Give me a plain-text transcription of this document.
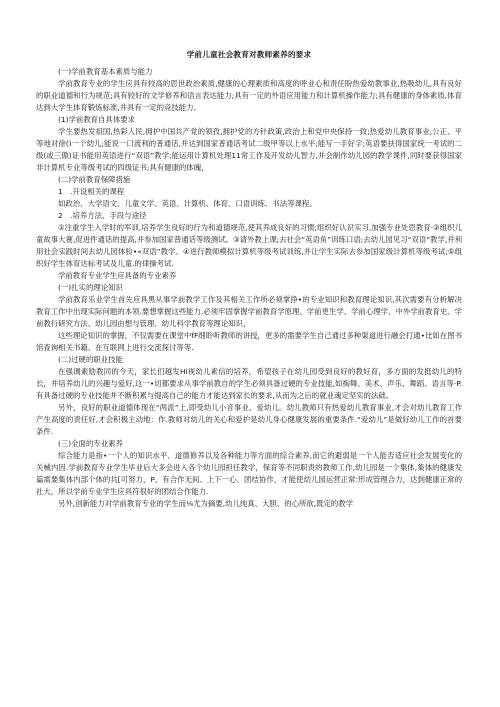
学前儿童社会教育对教师素养的要求

(一)学前教育基本素质与能力

学前教育专业的学生应具有较高的思世政治素质,健康的心理素质和高度的呼业心和责任盼热爱幼教事业,热吸幼儿,具有良好的职业道德和行为规范;具有较好的文学修养和语言表达能力;具有一定的外语应用能力和计算机操作能力;具有健康的身体素质,体育达到大学生体育锻炼标准,并具有一定的竞技能力。

(1)学前教育自具体要求

学生要热发祖国,热彩人民,拥护中国共产党的领孜,拥护党的方针政策,政治上和党中央保持一致;热爱幼儿教育事业,公正、平等地对徐()一个幼儿;能说一口流利的普通话,并达到国家普通话考试二级甲等以上水平;能写一手好字;英语要扶得国家统一考试的二级(或三傲)证书能用英语进行“双语”教学;能运用计算机处理11常工作及开发幼儿智力,并会制作幼儿园的教学课件,同时要获得国家非计算机专业等级考试的四级证书;具有健康的体魄，

(二)学前教育保障措施

1　.开设相关的课程

如政治、大学语文、儿童文学、英语、计算机、体育、口语训练、书法等课程。

2　.培养方法、手段与途径

①注重学生入学时的军训,培养学生良好的行为和道德规范,使其养成良好的习惯;组织好认识实习,加强专业处思教育·②组织儿童故事大赛,促进件通话的提高,并参加国家普通话等级测试。③请外教上课;去社会“英语角”训练口语;去幼儿园见习“双语”教学,并利用社会实践时间去幼儿园体验•«双语”教学。④进行教师模拟计算机等级考试训练,并让学生实际去参加国家级计算机等级考试;⑤组织好学生体育达标考试及儿童.的律操考试.

学前教育专业学生应具备的专业素养

(一)扎实的理论知识

学前教育乐业学生首先应具黑从事学前教学工作及其相关工作所必须掌挣•的专业知识和教育理论知识,其次需要有分析解决教育工作中出现实际问题的本领.要想掌握这些能力.必须牢固掌握学前教育学原理、学前更生学、学前心理学、中外学前教育史、学前教行研究方法、幼儿园由想与管理、幼儿科学教育等理论知识，

这些理论知识的掌握，不仅需要在课堂中fF细聆听教师的讲授，更多的需要学生自己通过多种渠道进行融会打通•比如在图书馆查询相关书籍、在互联网上进行交流探讨等等.

(二)过硬的职业技能

在强调素励教同的今天，家长们越发Hi视幼儿素信的培养，希望孩子在幼儿园受到良好的教好育，多方面的发挺幼儿的特长，并培养幼儿的兴趣与爱好,这一•切都要求从事学前教自的学生必须具备过硬的专业技能,如掏舞、美术、声乐、舞蹈、语言等·P.有具备过硬的专业技能并不断积累与提高自己的能力才能达到家长的要求,从而为之后的就业魂定坚实的法础。

另外，良好的职业道德体现在“两派”上,即受幼儿小音事业、爱幼儿。幼儿教师只有热爱幼儿教育事业,才会对幼儿教育工作产生高度的责任好,才会积极主动地：作.教师对幼儿的关心和爱护是幼儿身心健康发展的重要条件.“爱幼儿”是做好幼儿工作的首要条件.

(三)全面的专业素养

综合能力是指•一个人的知识水平、道德修养以及各种能力等方面的综合素养,而它的避弱是一个人能否适应社会发展变化的关械内因.学前教育专业学生毕业后大多会进入各个幼儿园担任教学，保育等不同职责的教师工作,幼儿园是一个集体,集体的健康发篇需要集体内部个体的共[可努力，P、有合作无间、上下一心、团结协作，才能使幼儿园运营正常:形成管理合力，达到健康正常的社大，所以学前专业学生应具符很好的团结合作能力.

另外,创新能力对学前教育专业的学生而⅛尤为摘要,幼儿纯真、大胆、的心所欲,既定的教学
